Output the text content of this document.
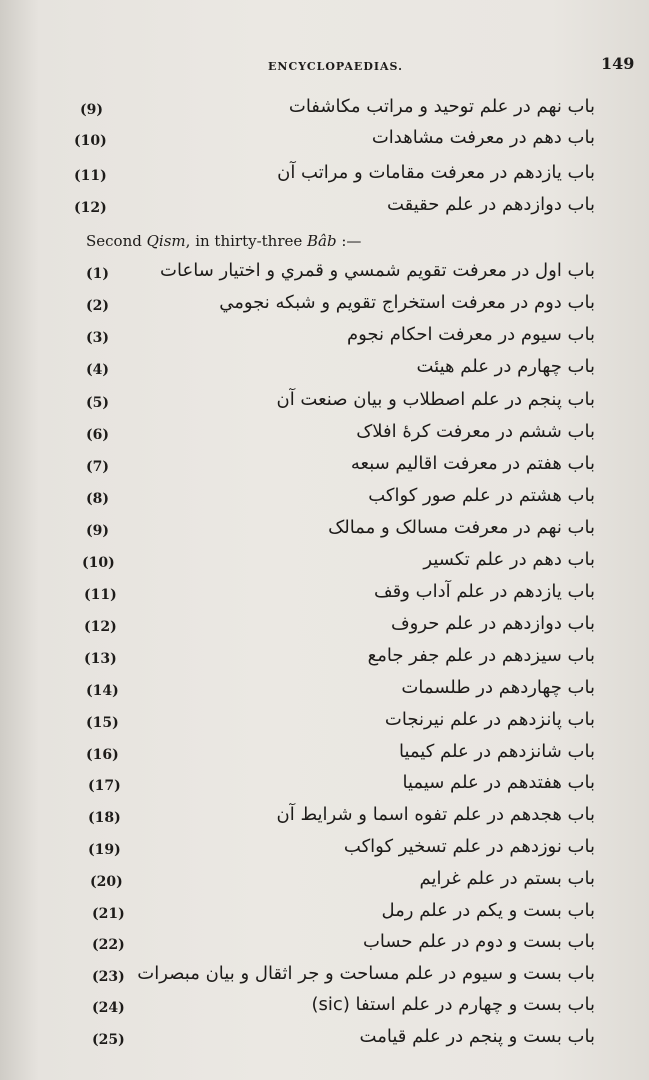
ENCYCLOPAEDIAS.	149
(9)	باب نهم در علم توحید و مراتب مکاشفات
(10)	باب دهم در معرفت مشاهدات
(11)	باب یازدهم در معرفت مقامات و مراتب آن
(12)	باب دوازدهم در علم حقیقت
Second Qism, in thirty-three Bâb :—
(1)	باب اول در معرفت تقویم شمسي و قمري و اختیار ساعات
(2)	باب دوم در معرفت استخراج تقویم و شبکه نجومي
(3)	باب سیوم در معرفت احکام نجوم
(4)	باب چهارم در علم هیئت
(5)	باب پنجم در علم اصطلاب و بیان صنعت آن
(6)	باب ششم در معرفت کرۀ افلاک
(7)	باب هفتم در معرفت اقالیم سبعه
(8)	باب هشتم در علم صور کواکب
(9)	باب نهم در معرفت مسالک و ممالک
(10)	باب دهم در علم تکسیر
(11)	باب یازدهم در علم آداب وقف
(12)	باب دوازدهم در علم حروف
(13)	باب سیزدهم در علم جفر جامع
(14)	باب چهاردهم در طلسمات
(15)	باب پانزدهم در علم نیرنجات
(16)	باب شانزدهم در علم کیمیا
(17)	باب هفتدهم در علم سیمیا
(18)	باب هجدهم در علم تفوه اسما و شرایط آن
(19)	باب نوزدهم در علم تسخیر کواکب
(20)	باب بستم در علم غرایم
(21)	باب بست و یکم در علم رمل
(22)	باب بست و دوم در علم حساب
(23) باب بست و سیوم در علم مساحت و جر اثقال و بیان مبصرات
(24)	باب بست و چهارم در علم استفا (sic)
(25)	باب بست و پنجم در علم قیامت
